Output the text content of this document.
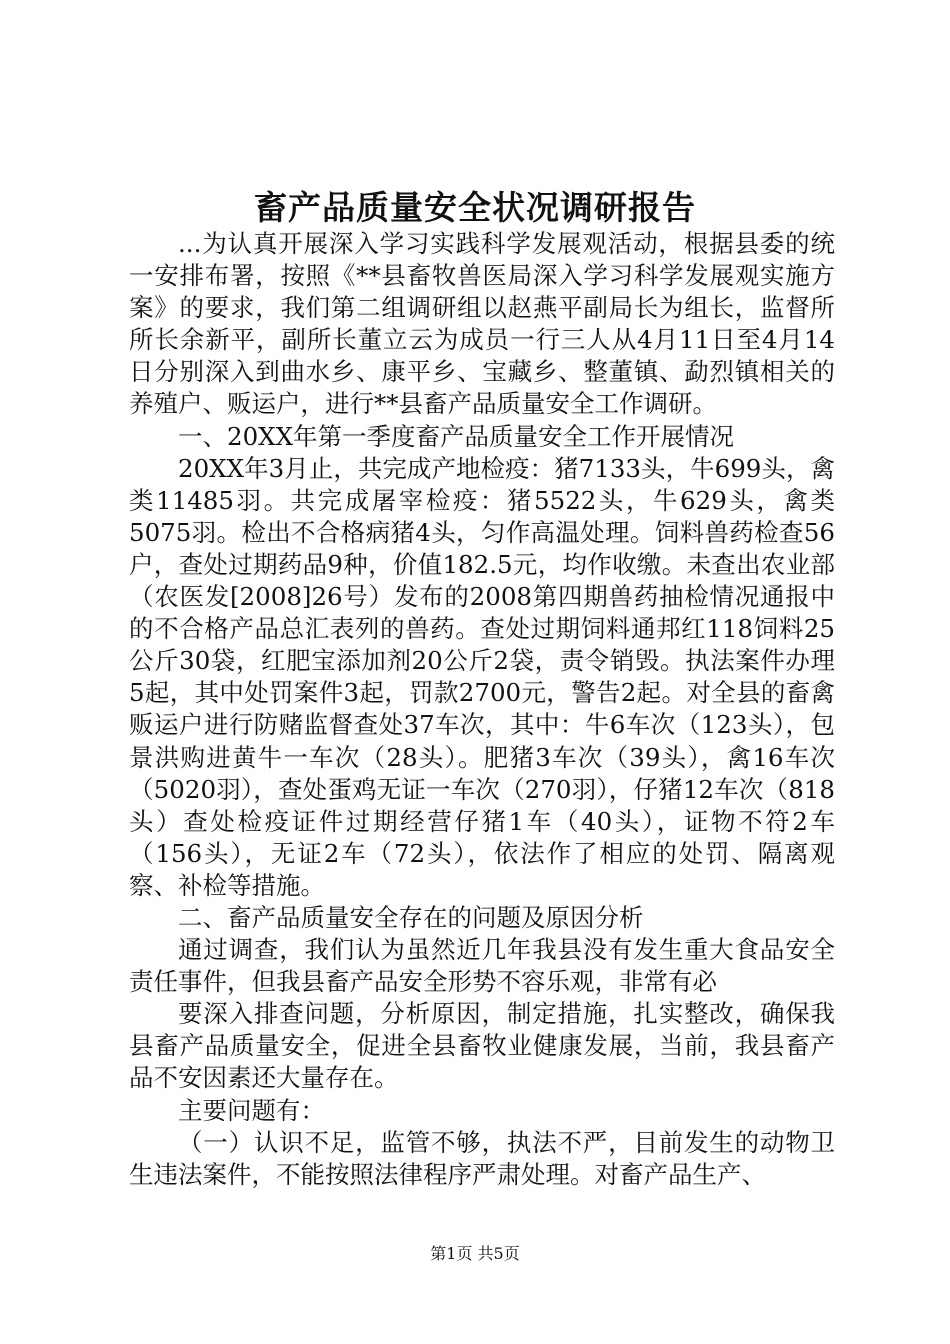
畜产品质量安全状况调研报告

...为认真开展深入学习实践科学发展观活动，根据县委的统一安排布署，按照《**县畜牧兽医局深入学习科学发展观实施方案》的要求，我们第二组调研组以赵燕平副局长为组长，监督所所长余新平，副所长董立云为成员一行三人从4月11日至4月14日分别深入到曲水乡、康平乡、宝藏乡、整董镇、勐烈镇相关的养殖户、贩运户，进行**县畜产品质量安全工作调研。

一、20XX年第一季度畜产品质量安全工作开展情况

20XX年3月止，共完成产地检疫：猪7133头，牛699头，禽类11485羽。共完成屠宰检疫：猪5522头，牛629头，禽类5075羽。检出不合格病猪4头，匀作高温处理。饲料兽药检查56户，查处过期药品9种，价值182.5元，均作收缴。未查出农业部（农医发[2008]26号）发布的2008第四期兽药抽检情况通报中的不合格产品总汇表列的兽药。查处过期饲料通邦红118饲料25公斤30袋，红肥宝添加剂20公斤2袋，责令销毁。执法案件办理5起，其中处罚案件3起，罚款2700元，警告2起。对全县的畜禽贩运户进行防赌监督查处37车次，其中：牛6车次（123头），包景洪购进黄牛一车次（28头）。肥猪3车次（39头），禽16车次（5020羽），查处蛋鸡无证一车次（270羽），仔猪12车次（818头）查处检疫证件过期经营仔猪1车（40头），证物不符2车（156头），无证2车（72头），依法作了相应的处罚、隔离观察、补检等措施。

二、畜产品质量安全存在的问题及原因分析

通过调查，我们认为虽然近几年我县没有发生重大食品安全责任事件，但我县畜产品安全形势不容乐观，非常有必

要深入排查问题，分析原因，制定措施，扎实整改，确保我县畜产品质量安全，促进全县畜牧业健康发展，当前，我县畜产品不安因素还大量存在。

主要问题有：

（一）认识不足，监管不够，执法不严，目前发生的动物卫生违法案件，不能按照法律程序严肃处理。对畜产品生产、

第1页 共5页
